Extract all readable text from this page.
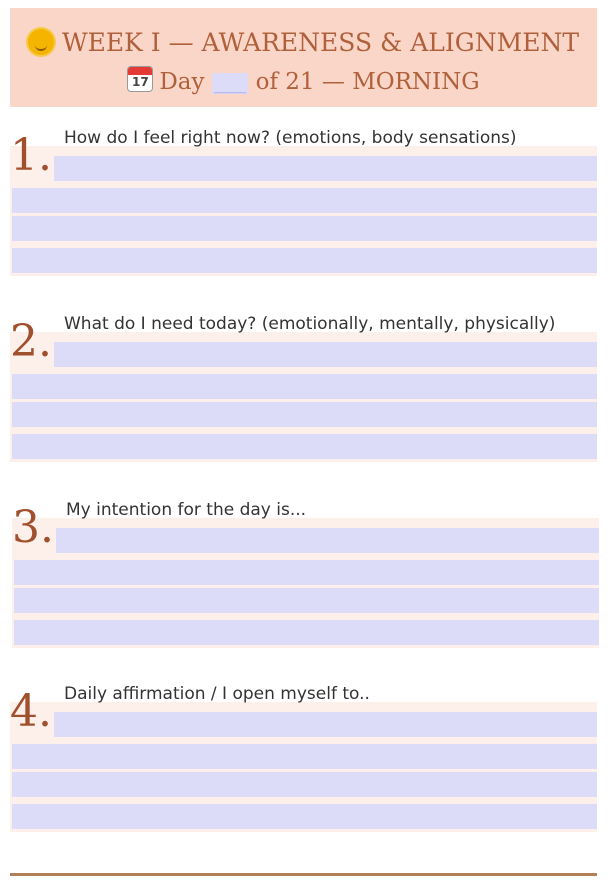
WEEK I — AWARENESS & ALIGNMENT
17 Day ___ of 21 — MORNING
1. How do I feel right now? (emotions, body sensations)
2. What do I need today? (emotionally, mentally, physically)
3. My intention for the day is...
4. Daily affirmation / I open myself to..
